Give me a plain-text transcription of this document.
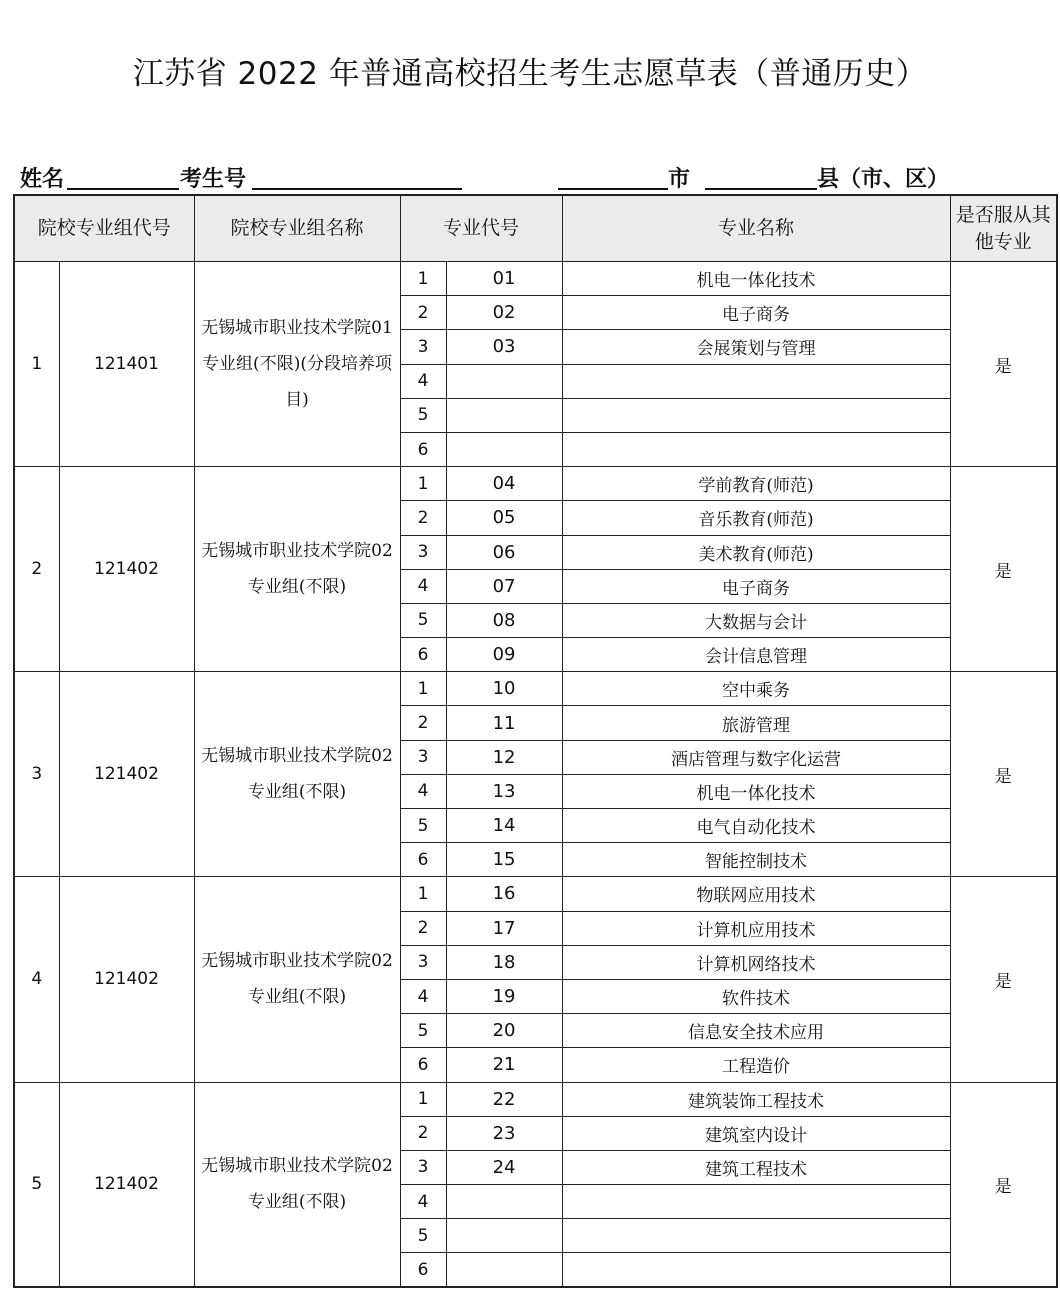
江苏省 2022 年普通高校招生考生志愿草表（普通历史）
姓名	考生号	市	县（市、区）
院校专业组代号		院校专业组名称	专业代号		专业名称	是否服从其他专业
1	121401	无锡城市职业技术学院01专业组(不限)(分段培养项目)	1	01	机电一体化技术	是
			2	02	电子商务	
			3	03	会展策划与管理	
			4			
			5			
			6			
2	121402	无锡城市职业技术学院02 专业组(不限)	1	04	学前教育(师范)	是
			2	05	音乐教育(师范)	
			3	06	美术教育(师范)	
			4	07	电子商务	
			5	08	大数据与会计	
			6	09	会计信息管理	
3	121402	无锡城市职业技术学院02 专业组(不限)	1	10	空中乘务	是
			2	11	旅游管理	
			3	12	酒店管理与数字化运营	
			4	13	机电一体化技术	
			5	14	电气自动化技术	
			6	15	智能控制技术	
4	121402	无锡城市职业技术学院02 专业组(不限)	1	16	物联网应用技术	是
			2	17	计算机应用技术	
			3	18	计算机网络技术	
			4	19	软件技术	
			5	20	信息安全技术应用	
			6	21	工程造价	
5	121402	无锡城市职业技术学院02 专业组(不限)	1	22	建筑装饰工程技术	是
			2	23	建筑室内设计	
			3	24	建筑工程技术	
			4			
			5			
			6			
